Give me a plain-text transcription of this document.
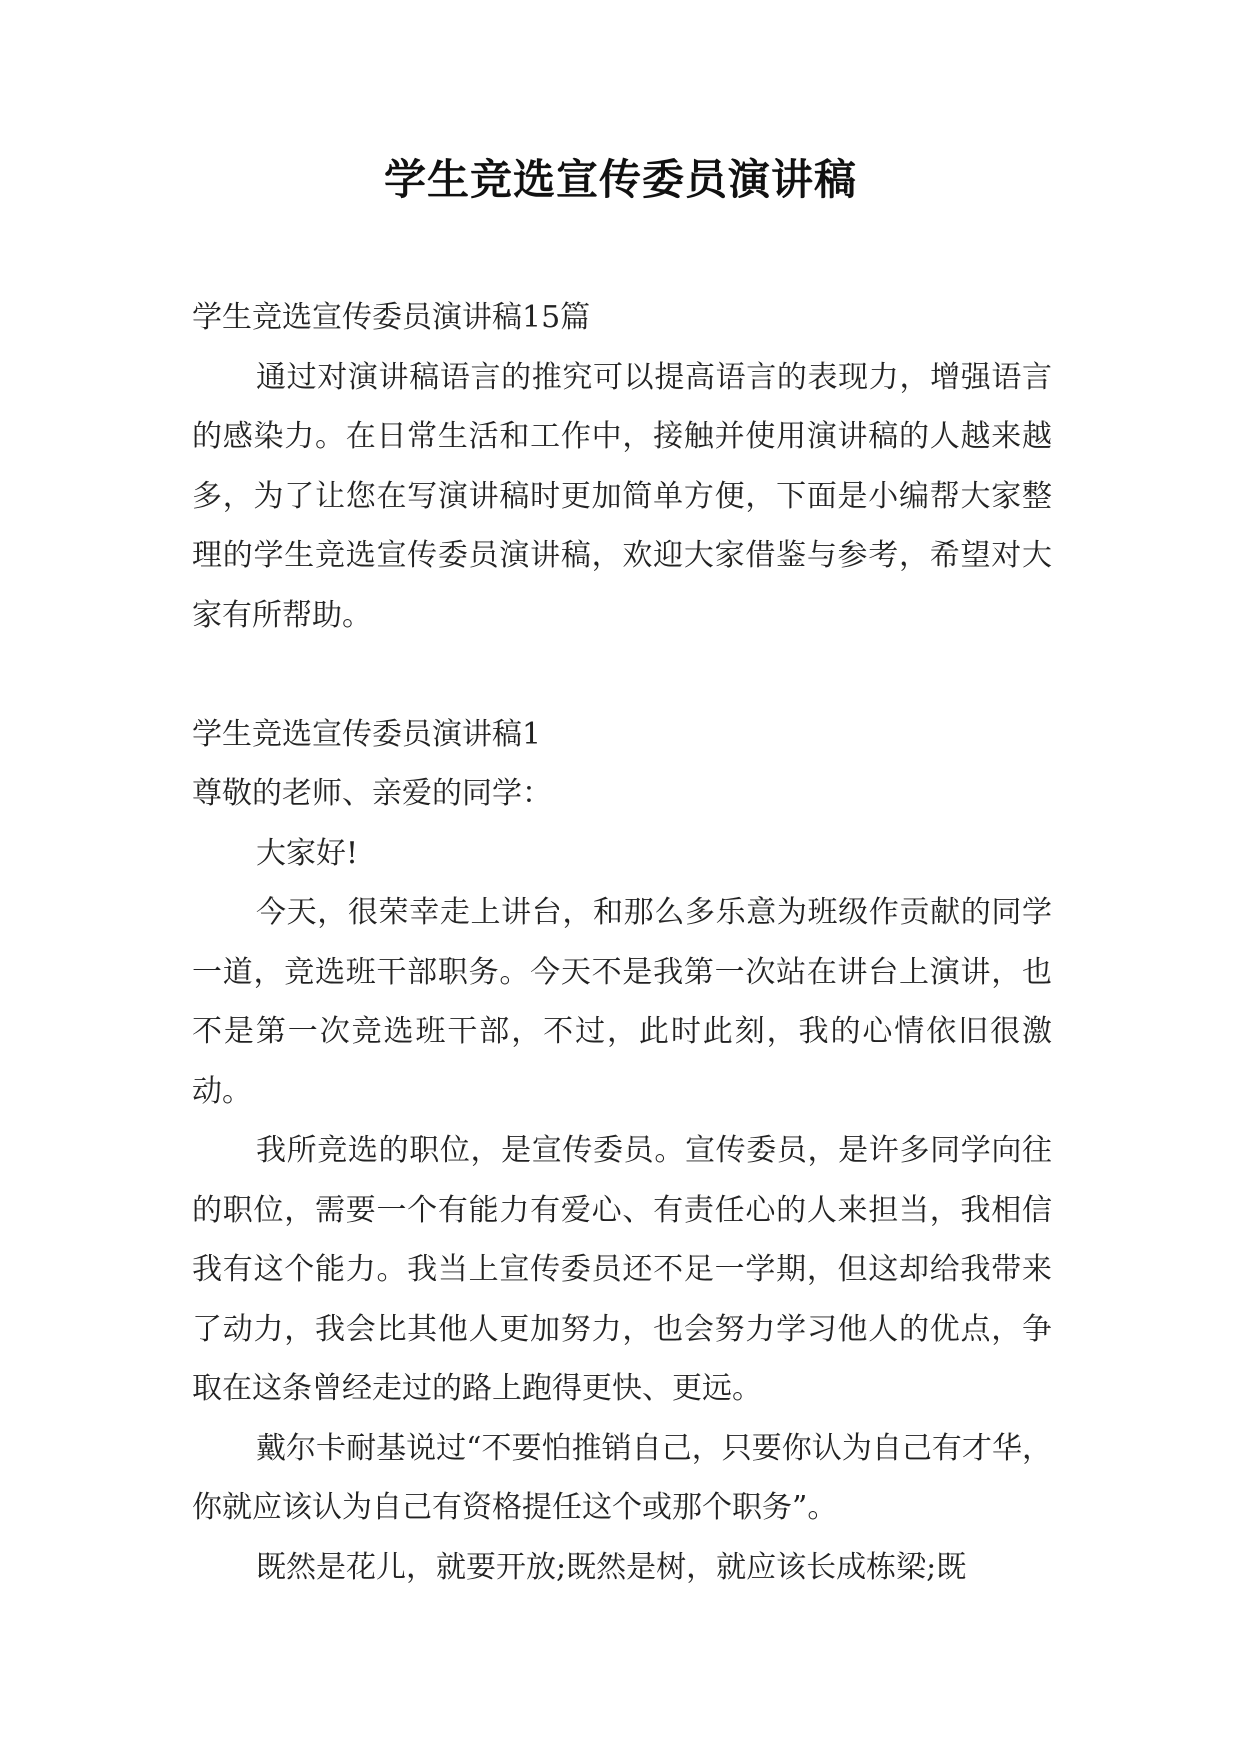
学生竞选宣传委员演讲稿

学生竞选宣传委员演讲稿15篇

通过对演讲稿语言的推究可以提高语言的表现力，增强语言的感染力。在日常生活和工作中，接触并使用演讲稿的人越来越多，为了让您在写演讲稿时更加简单方便，下面是小编帮大家整理的学生竞选宣传委员演讲稿，欢迎大家借鉴与参考，希望对大家有所帮助。

学生竞选宣传委员演讲稿1

尊敬的老师、亲爱的同学：

大家好!

今天，很荣幸走上讲台，和那么多乐意为班级作贡献的同学一道，竞选班干部职务。今天不是我第一次站在讲台上演讲，也不是第一次竞选班干部，不过，此时此刻，我的心情依旧很激动。

我所竞选的职位，是宣传委员。宣传委员，是许多同学向往的职位，需要一个有能力有爱心、有责任心的人来担当，我相信我有这个能力。我当上宣传委员还不足一学期，但这却给我带来了动力，我会比其他人更加努力，也会努力学习他人的优点，争取在这条曾经走过的路上跑得更快、更远。

戴尔卡耐基说过“不要怕推销自己，只要你认为自己有才华，你就应该认为自己有资格提任这个或那个职务”。

既然是花儿，就要开放;既然是树，就应该长成栋梁;既
